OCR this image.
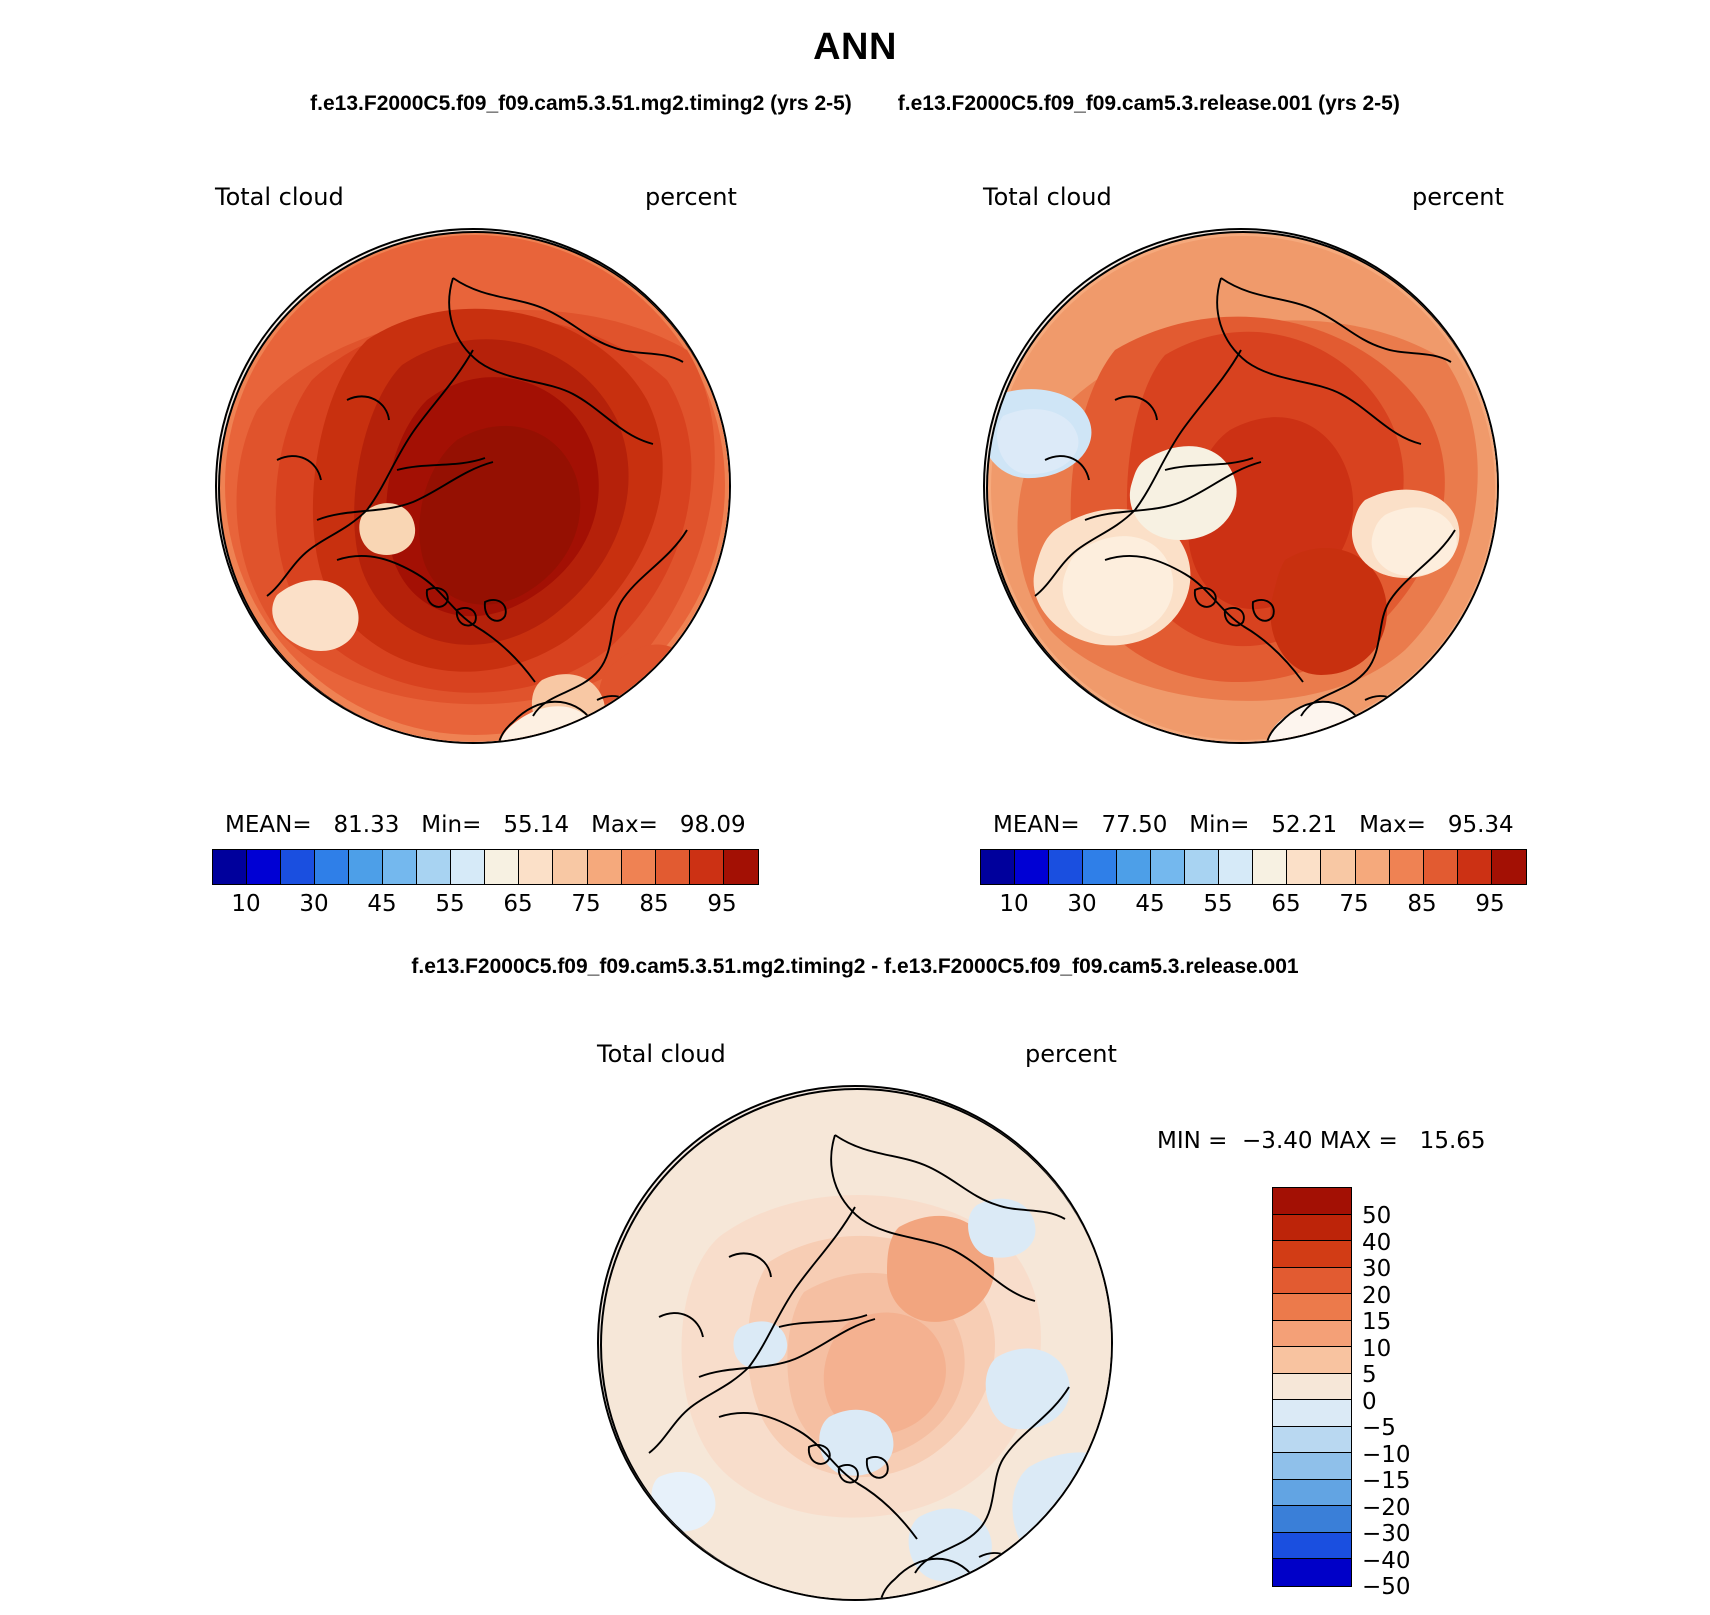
ANN
f.e13.F2000C5.f09_f09.cam5.3.51.mg2.timing2 (yrs 2-5) f.e13.F2000C5.f09_f09.cam5.3.release.001 (yrs 2-5)
Total cloud	percent
MEAN=   81.33   Min=   55.14   Max=   98.09
10 30 45 55 65 75 85 95
Total cloud	percent
MEAN=   77.50   Min=   52.21   Max=   95.34
10 30 45 55 65 75 85 95
f.e13.F2000C5.f09_f09.cam5.3.51.mg2.timing2 - f.e13.F2000C5.f09_f09.cam5.3.release.001
Total cloud	percent
MIN =  −3.40 MAX =   15.65
50
40
30
20
15
10
5
0
−5
−10
−15
−20
−30
−40
−50
